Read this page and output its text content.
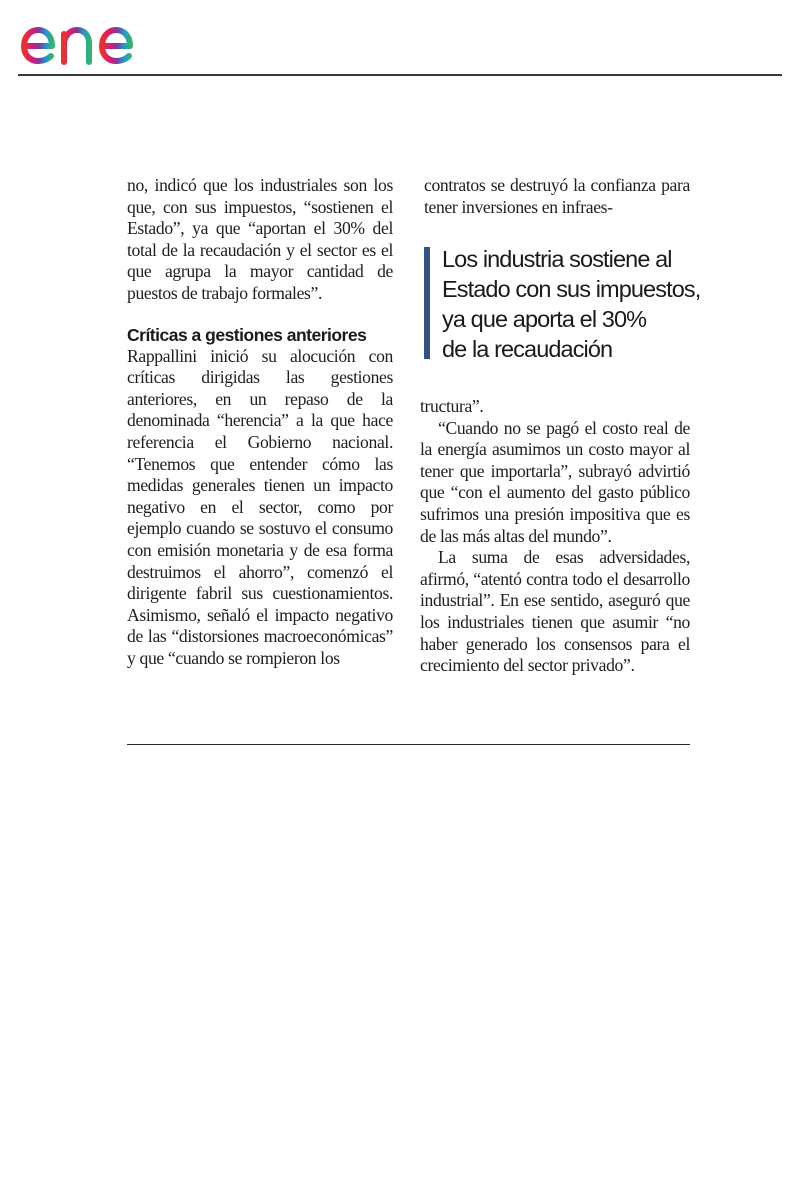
enel

no, indicó que los industriales son los que, con sus impuestos, “sostienen el Estado”, ya que “aportan el 30% del total de la recaudación y el sector es el que agrupa la mayor cantidad de puestos de trabajo formales”.

Críticas a gestiones anteriores

Rappallini inició su alocución con críticas dirigidas las gestiones anteriores, en un repaso de la denominada “herencia” a la que hace referencia el Gobierno nacional. “Tenemos que entender cómo las medidas generales tienen un impacto negativo en el sector, como por ejemplo cuando se sostuvo el consumo con emisión monetaria y de esa forma destruimos el ahorro”, comenzó el dirigente fabril sus cuestionamientos. Asimismo, señaló el impacto negativo de las “distorsiones macroeconómicas” y que “cuando se rompieron los

contratos se destruyó la confianza para tener inversiones en infraes-
Los industria sostiene al
Estado con sus impuestos,
ya que aporta el 30%
de la recaudación

tructura”.

“Cuando no se pagó el costo real de la energía asumimos un costo mayor al tener que importarla”, subrayó advirtió que “con el aumento del gasto público sufrimos una presión impositiva que es de las más altas del mundo”.

La suma de esas adversidades, afirmó, “atentó contra todo el desarrollo industrial”. En ese sentido, aseguró que los industriales tienen que asumir “no haber generado los consensos para el crecimiento del sector privado”.
